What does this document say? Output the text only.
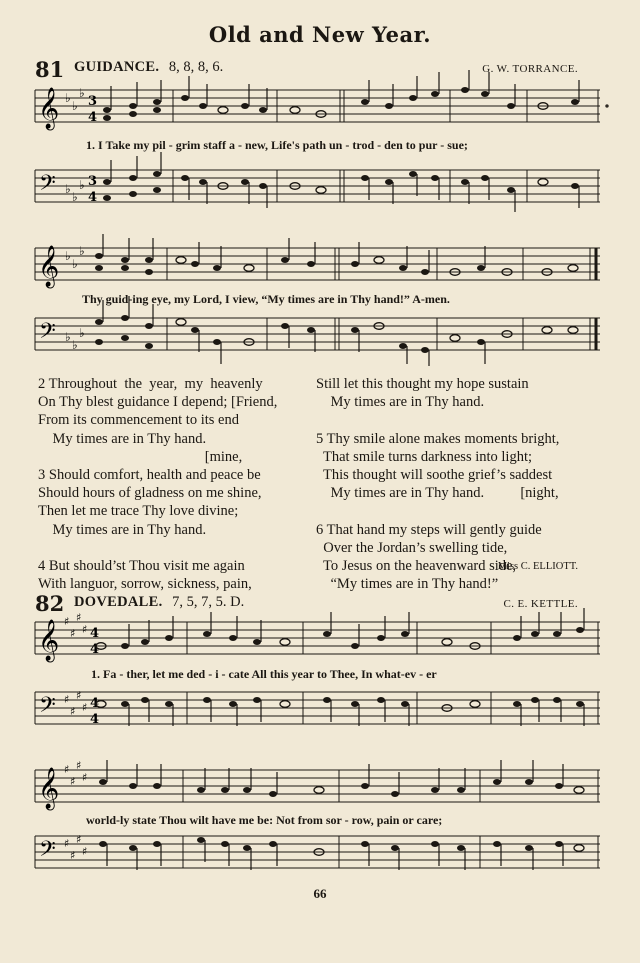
Old and New Year.
81 GUIDANCE. 8, 8, 8, 6.	G. W. TORRANCE.
𝄞 ♭
♭
♭
3
4
1. I Take my pil - grim staff a - new, Life's path un - trod - den to pur - sue;
𝄢 ♭
♭
♭ 3
4
𝄞 ♭
♭
♭
Thy guid-ing eye, my Lord, I view, “My times are in Thy hand!” A-men.
𝄢 ♭
♭
♭
2 Throughout  the  year,  my  heavenly
On Thy blest guidance I depend; [Friend,
From its commencement to its end
My times are in Thy hand.
[mine,
3 Should comfort, health and peace be
Should hours of gladness on me shine,
Then let me trace Thy love divine;
My times are in Thy hand.

4 But should’st Thou visit me again
With languor, sorrow, sickness, pain,
Still let this thought my hope sustain
My times are in Thy hand.

5 Thy smile alone makes moments bright,
That smile turns darkness into light;
This thought will soothe grief’s saddest
My times are in Thy hand.          [night,

6 That hand my steps will gently guide
Over the Jordan’s swelling tide,
To Jesus on the heavenward side,
“My times are in Thy hand!”
Miss C. ELLIOTT.
82 DOVEDALE. 7, 5, 7, 5. D.	C. E. KETTLE.
𝄞 ♯
♯
♯
♯ 4
4
1. Fa - ther, let me ded - i - cate All this year to Thee, In what-ev - er
𝄢 ♯
♯
♯
♯ 4
4
𝄞 ♯
♯
♯
♯
world-ly state Thou wilt have me be: Not from sor - row, pain or care;
𝄢 ♯
♯
♯
♯
66
